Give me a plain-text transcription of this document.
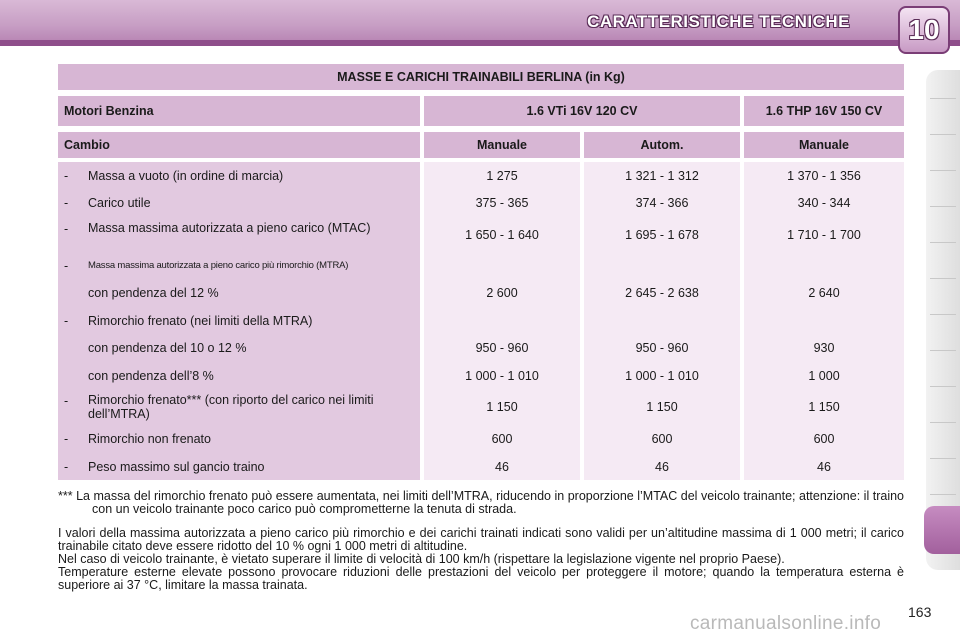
CARATTERISTICHE TECNICHE	10
MASSE E CARICHI TRAINABILI BERLINA (in Kg)
Motori Benzina	1.6 VTi 16V 120 CV	1.6 THP 16V 150 CV
Cambio	Manuale	Autom.	Manuale
- Massa a vuoto (in ordine di marcia)	1 275	1 321 - 1 312	1 370 - 1 356
- Carico utile	375 - 365	374 - 366	340 - 344
- Massa massima autorizzata a pieno carico (MTAC)	1 650 - 1 640	1 695 - 1 678	1 710 - 1 700
- Massa massima autorizzata a pieno carico più rimorchio (MTRA)
con pendenza del 12 %	2 600	2 645 - 2 638	2 640
- Rimorchio frenato (nei limiti della MTRA)
con pendenza del 10 o 12 %	950 - 960	950 - 960	930
con pendenza dell’8 %	1 000 - 1 010	1 000 - 1 010	1 000
- Rimorchio frenato*** (con riporto del carico nei limiti dell’MTRA)	1 150	1 150	1 150
- Rimorchio non frenato	600	600	600
- Peso massimo sul gancio traino	46	46	46

*** La massa del rimorchio frenato può essere aumentata, nei limiti dell’MTRA, riducendo in proporzione l’MTAC del veicolo trainante; attenzione: il traino con un veicolo trainante poco carico può comprometterne la tenuta di strada.

I valori della massima autorizzata a pieno carico più rimorchio e dei carichi trainati indicati sono validi per un’altitudine massima di 1 000 metri; il carico trainabile citato deve essere ridotto del 10 % ogni 1 000 metri di altitudine.

Nel caso di veicolo trainante, è vietato superare il limite di velocità di 100 km/h (rispettare la legislazione vigente nel proprio Paese).

Temperature esterne elevate possono provocare riduzioni delle prestazioni del veicolo per proteggere il motore; quando la temperatura esterna è superiore ai 37 °C, limitare la massa trainata.

163
carmanualsonline.info
